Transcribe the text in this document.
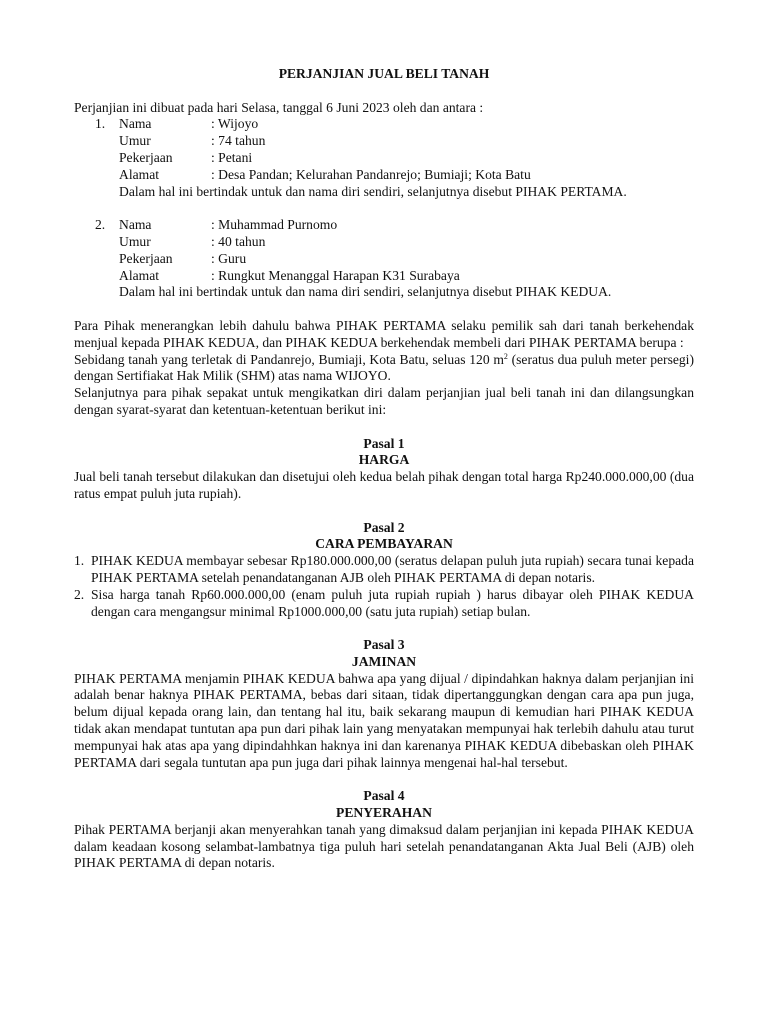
PERJANJIAN JUAL BELI TANAH

Perjanjian ini dibuat pada hari Selasa, tanggal 6 Juni 2023 oleh dan antara :

1. Nama	: Wijoyo
Umur	: 74 tahun
Pekerjaan	: Petani
Alamat	: Desa Pandan; Kelurahan Pandanrejo; Bumiaji; Kota Batu

Dalam hal ini bertindak untuk dan nama diri sendiri, selanjutnya disebut PIHAK PERTAMA.

2. Nama	: Muhammad Purnomo
Umur	: 40 tahun
Pekerjaan	: Guru
Alamat	: Rungkut Menanggal Harapan K31 Surabaya

Dalam hal ini bertindak untuk dan nama diri sendiri, selanjutnya disebut PIHAK KEDUA.

Para Pihak menerangkan lebih dahulu bahwa PIHAK PERTAMA selaku pemilik sah dari tanah berkehendak menjual kepada PIHAK KEDUA, dan PIHAK KEDUA berkehendak membeli dari PIHAK PERTAMA berupa :

Sebidang tanah yang terletak di Pandanrejo, Bumiaji, Kota Batu, seluas 120 $m^2$ (seratus dua puluh meter persegi) dengan Sertifiakat Hak Milik (SHM) atas nama WIJOYO.

Selanjutnya para pihak sepakat untuk mengikatkan diri dalam perjanjian jual beli tanah ini dan dilangsungkan dengan syarat-syarat dan ketentuan-ketentuan berikut ini:

Pasal 1

HARGA

Jual beli tanah tersebut dilakukan dan disetujui oleh kedua belah pihak dengan total harga Rp240.000.000,00 (dua ratus empat puluh juta rupiah).

Pasal 2

CARA PEMBAYARAN

1. PIHAK KEDUA membayar sebesar Rp180.000.000,00 (seratus delapan puluh juta rupiah) secara tunai kepada PIHAK PERTAMA setelah penandatanganan AJB oleh PIHAK PERTAMA di depan notaris.
2. Sisa harga tanah Rp60.000.000,00 (enam puluh juta rupiah rupiah ) harus dibayar oleh PIHAK KEDUA dengan cara mengangsur minimal Rp1000.000,00 (satu juta rupiah) setiap bulan.

Pasal 3

JAMINAN

PIHAK PERTAMA menjamin PIHAK KEDUA bahwa apa yang dijual / dipindahkan haknya dalam perjanjian ini adalah benar haknya PIHAK PERTAMA, bebas dari sitaan, tidak dipertanggungkan dengan cara apa pun juga, belum dijual kepada orang lain, dan tentang hal itu, baik sekarang maupun di kemudian hari PIHAK KEDUA tidak akan mendapat tuntutan apa pun dari pihak lain yang menyatakan mempunyai hak terlebih dahulu atau turut mempunyai hak atas apa yang dipindahhkan haknya ini dan karenanya PIHAK KEDUA dibebaskan oleh PIHAK PERTAMA dari segala tuntutan apa pun juga dari pihak lainnya mengenai hal-hal tersebut.

Pasal 4

PENYERAHAN

Pihak PERTAMA berjanji akan menyerahkan tanah yang dimaksud dalam perjanjian ini kepada PIHAK KEDUA dalam keadaan kosong selambat-lambatnya tiga puluh hari setelah penandatanganan Akta Jual Beli (AJB) oleh PIHAK PERTAMA di depan notaris.
